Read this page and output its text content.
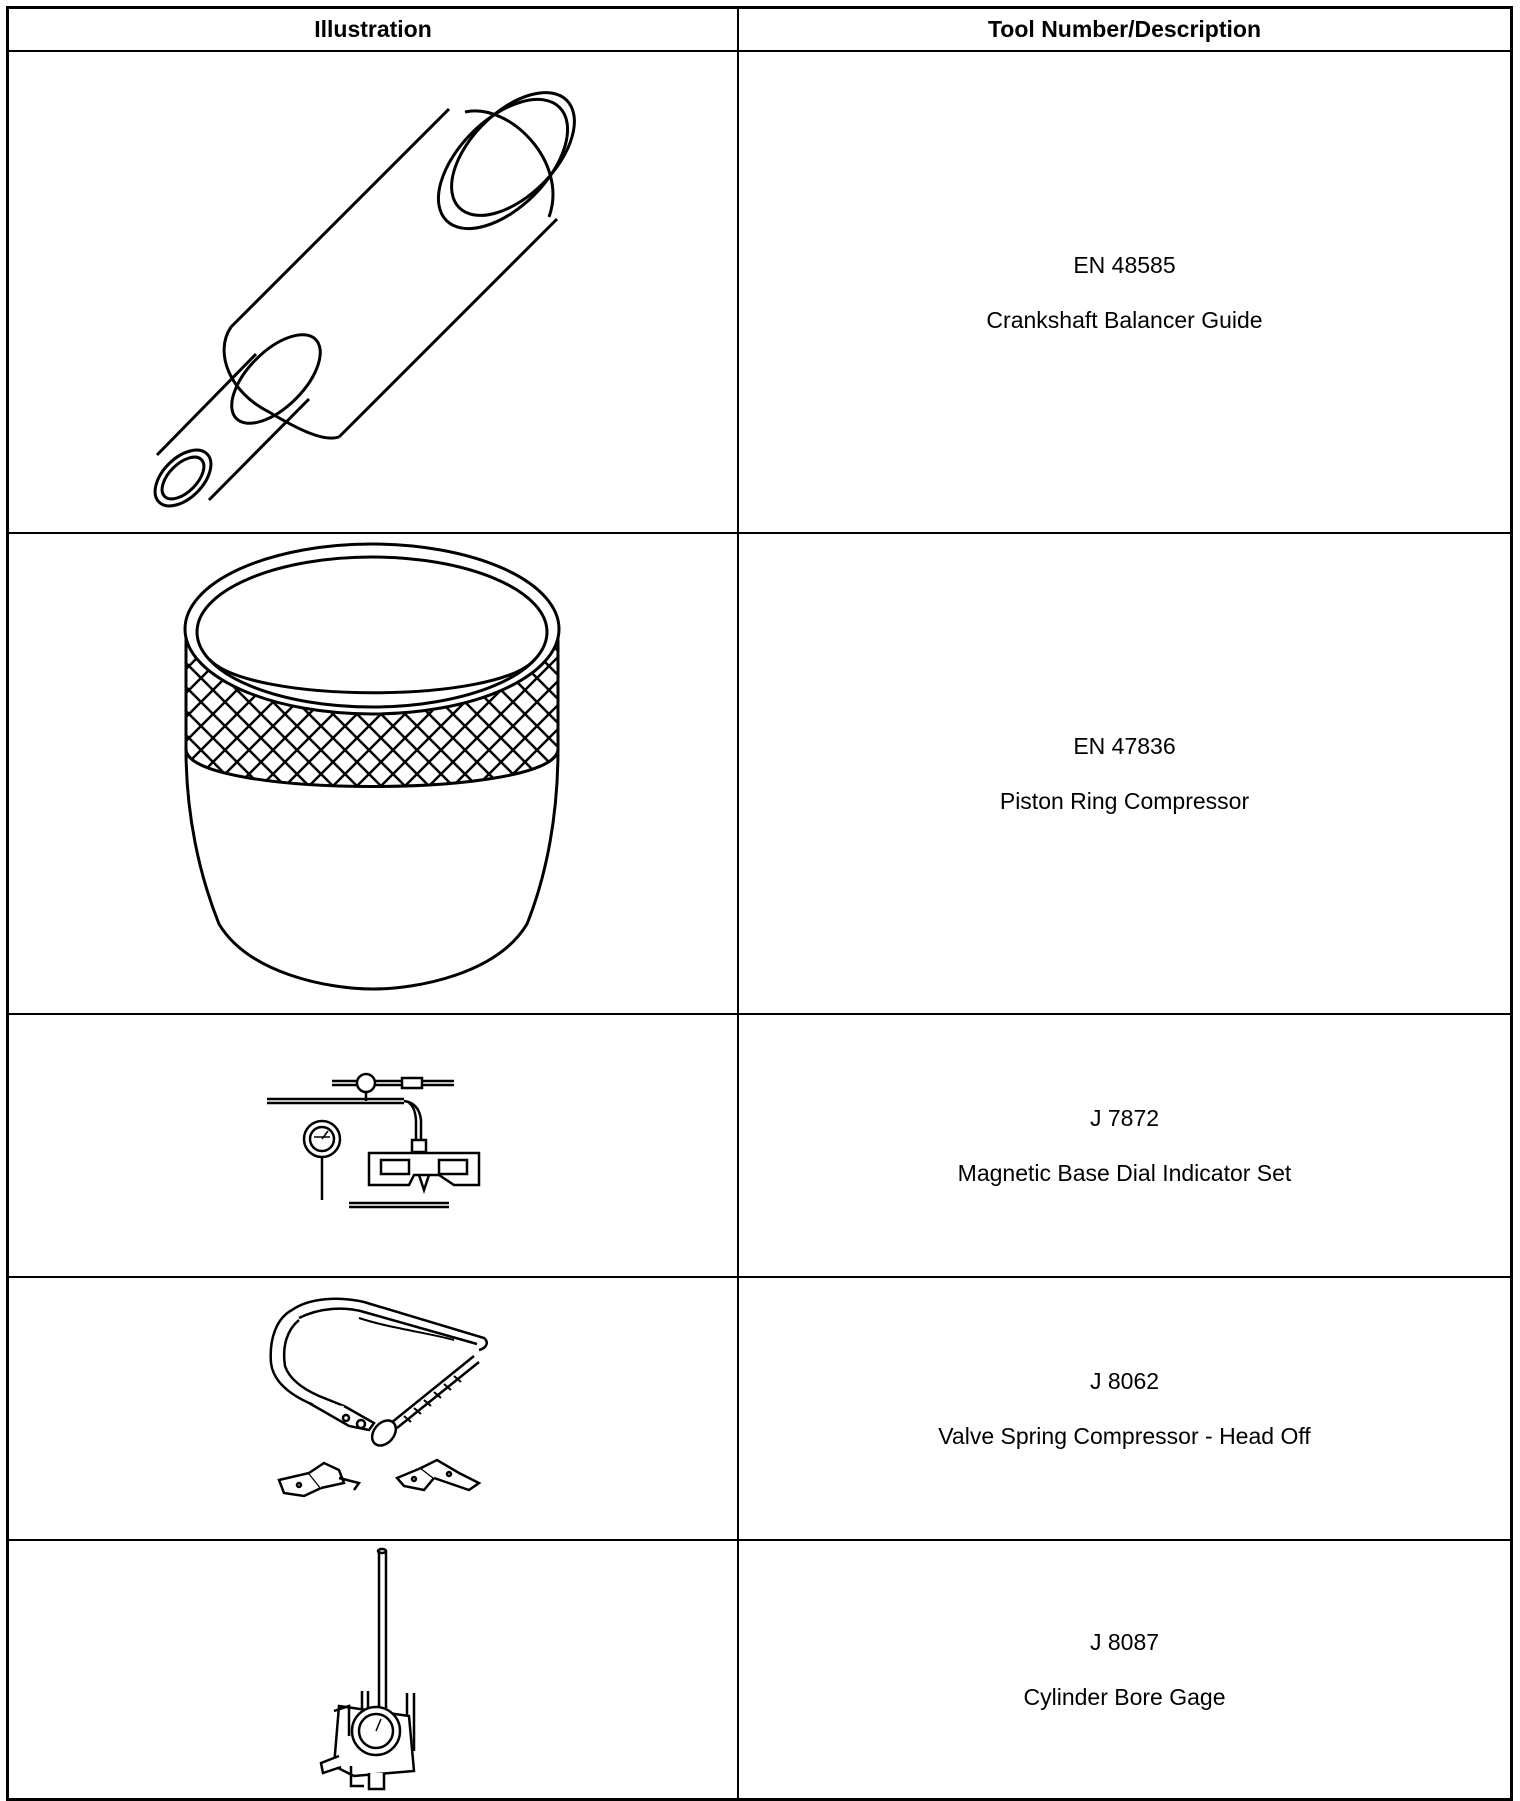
Illustration	Tool Number/Description
EN 48585
Crankshaft Balancer Guide
EN 47836
Piston Ring Compressor
J 7872
Magnetic Base Dial Indicator Set
J 8062
Valve Spring Compressor - Head Off
J 8087
Cylinder Bore Gage
